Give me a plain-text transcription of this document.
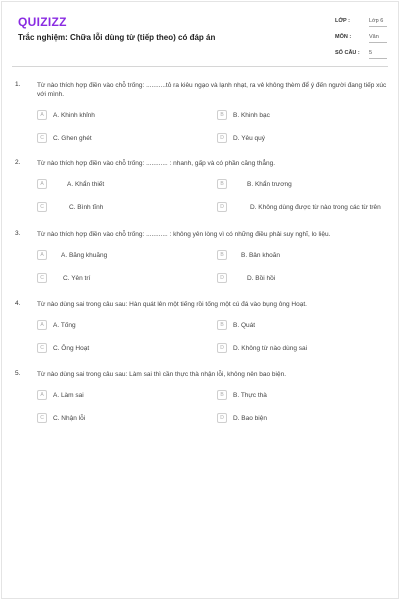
QUIZIZZ
Trắc nghiệm: Chữa lỗi dùng từ (tiếp theo) có đáp án
LỚP :	Lớp 6
MÔN :	Văn
SỐ CÂU : 5
1.	Từ nào thích hợp điền vào chỗ trống: ...........tỏ ra kiêu ngạo và lạnh nhạt, ra vẻ không thèm để ý đến người đang tiếp xúc với mình.
A	A. Khinh khỉnh	B	B. Khinh bạc
C	C. Ghen ghét	D	D. Yêu quý
2.	Từ nào thích hợp điền vào chỗ trống: ............ : nhanh, gấp và có phần căng thẳng.
A	A. Khẩn thiết	B	B. Khẩn trương
C	C. Bình tĩnh	D	D. Không dùng được từ nào trong các từ trên
3.	Từ nào thích hợp điền vào chỗ trống: ............ : không yên lòng vì có những điều phải suy nghĩ, lo liệu.
A	A. Băng khuăng	B	B. Bân khoăn
C	C. Yên trí	D	D. Bồi hồi
4.	Từ nào dùng sai trong câu sau: Hàn quát lên một tiếng rồi tống một cú đá vào bụng ông Hoạt.
A	A. Tống	B	B. Quát
C	C. Ông Hoạt	D	D. Không từ nào dùng sai
5.	Từ nào dùng sai trong câu sau: Làm sai thì cần thực thà nhận lỗi, không nên bao biện.
A	A. Làm sai	B	B. Thực thà
C	C. Nhận lỗi	D	D. Bao biện
